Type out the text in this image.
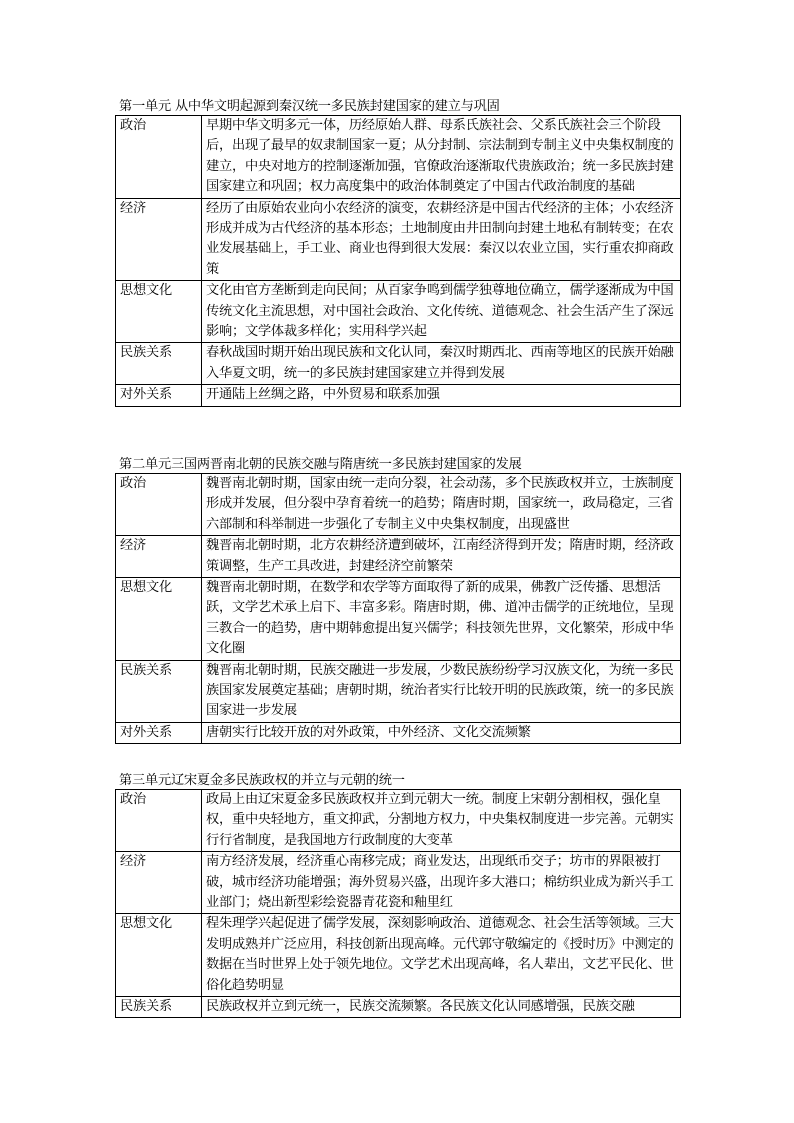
第一单元 从中华文明起源到秦汉统一多民族封建国家的建立与巩固
政治	早期中华文明多元一体，历经原始人群、母系氏族社会、父系氏族社会三个阶段后，出现了最早的奴隶制国家一夏；从分封制、宗法制到专制主义中央集权制度的建立，中央对地方的控制逐渐加强，官僚政治逐渐取代贵族政治；统一多民族封建国家建立和巩固；权力高度集中的政治体制奠定了中国古代政治制度的基础
经济	经历了由原始农业向小农经济的演变，农耕经济是中国古代经济的主体；小农经济形成并成为古代经济的基本形态；土地制度由井田制向封建土地私有制转变；在农业发展基础上，手工业、商业也得到很大发展：秦汉以农业立国，实行重农抑商政策
思想文化	文化由官方垄断到走向民间；从百家争鸣到儒学独尊地位确立，儒学逐渐成为中国传统文化主流思想，对中国社会政治、文化传统、道德观念、社会生活产生了深远影响；文学体裁多样化；实用科学兴起
民族关系	春秋战国时期开始出现民族和文化认同，秦汉时期西北、西南等地区的民族开始融入华夏文明，统一的多民族封建国家建立并得到发展
对外关系	开通陆上丝绸之路，中外贸易和联系加强
第二单元三国两晋南北朝的民族交融与隋唐统一多民族封建国家的发展
政治	魏晋南北朝时期，国家由统一走向分裂，社会动荡，多个民族政权并立，士族制度形成并发展，但分裂中孕育着统一的趋势；隋唐时期，国家统一，政局稳定，三省六部制和科举制进一步强化了专制主义中央集权制度，出现盛世
经济	魏晋南北朝时期，北方农耕经济遭到破坏，江南经济得到开发；隋唐时期，经济政策调整，生产工具改进，封建经济空前繁荣
思想文化	魏晋南北朝时期，在数学和农学等方面取得了新的成果，佛教广泛传播、思想活跃，文学艺术承上启下、丰富多彩。隋唐时期，佛、道冲击儒学的正统地位，呈现三教合一的趋势，唐中期韩愈提出复兴儒学；科技领先世界，文化繁荣，形成中华文化圈
民族关系	魏晋南北朝时期，民族交融进一步发展，少数民族纷纷学习汉族文化，为统一多民族国家发展奠定基础；唐朝时期，统治者实行比较开明的民族政策，统一的多民族国家进一步发展
对外关系	唐朝实行比较开放的对外政策，中外经济、文化交流频繁
第三单元辽宋夏金多民族政权的并立与元朝的统一
政治	政局上由辽宋夏金多民族政权并立到元朝大一统。制度上宋朝分割相权，强化皇权，重中央轻地方，重文抑武，分割地方权力，中央集权制度进一步完善。元朝实行行省制度，是我国地方行政制度的大变革
经济	南方经济发展，经济重心南移完成；商业发达，出现纸币交子；坊市的界限被打破，城市经济功能增强；海外贸易兴盛，出现许多大港口；棉纺织业成为新兴手工业部门；烧出新型彩绘瓷器青花瓷和釉里红
思想文化	程朱理学兴起促进了儒学发展，深刻影响政治、道德观念、社会生活等领域。三大发明成熟并广泛应用，科技创新出现高峰。元代郭守敬编定的《授时历》中测定的数据在当时世界上处于领先地位。文学艺术出现高峰，名人辈出，文艺平民化、世俗化趋势明显
民族关系	民族政权并立到元统一，民族交流频繁。各民族文化认同感增强，民族交融
